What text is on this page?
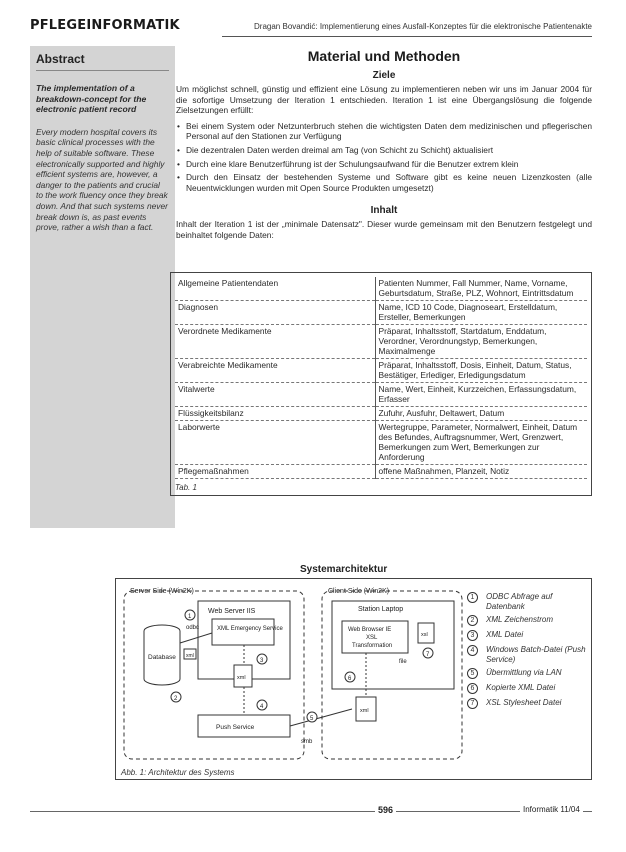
PFLEGEINFORMATIK	Dragan Bovandić: Implementierung eines Ausfall-Konzeptes für die elektronische Patientenakte
Abstract
The implementation of a breakdown-concept for the electronic patient record
Every modern hospital covers its basic clinical processes with the help of suitable software. These electronically supported and highly efficient systems are, however, a danger to the patients and crucial to the work fluency once they break down. And that such systems never break down is, as past events prove, rather a wish than a fact.
Material und Methoden
Ziele
Um möglichst schnell, günstig und effizient eine Lösung zu implementieren neben wir uns im Januar 2004 für die sofortige Umsetzung der Iteration 1 entschieden. Iteration 1 ist eine Übergangslösung die folgende Zielsetzungen erfüllt:
• Bei einem System oder Netzunterbruch stehen die wichtigsten Daten dem medizinischen und pflegerischen Personal auf den Stationen zur Verfügung
• Die dezentralen Daten werden dreimal am Tag (von Schicht zu Schicht) aktualisiert
• Durch eine klare Benutzerführung ist der Schulungsaufwand für die Benutzer extrem klein
• Durch den Einsatz der bestehenden Systeme und Software gibt es keine neuen Lizenzkosten (alle Neuentwicklungen wurden mit Open Source Produkten umgesetzt)
Inhalt
Inhalt der Iteration 1 ist der „minimale Datensatz". Dieser wurde gemeinsam mit den Benutzern festgelegt und beinhaltet folgende Daten:
Allgemeine Patientendaten	Patienten Nummer, Fall Nummer, Name, Vorname, Geburtsdatum, Straße, PLZ, Wohnort, Eintrittsdatum
Diagnosen	Name, ICD 10 Code, Diagnoseart, Erstelldatum, Ersteller, Bemerkungen
Verordnete Medikamente	Präparat, Inhaltsstoff, Startdatum, Enddatum, Verordner, Verordnungstyp, Bemerkungen, Maximalmenge
Verabreichte Medikamente	Präparat, Inhaltsstoff, Dosis, Einheit, Datum, Status, Bestätiger, Erlediger, Erledigungsdatum
Vitalwerte	Name, Wert, Einheit, Kurzzeichen, Erfassungsdatum, Erfasser
Flüssigkeitsbilanz	Zufuhr, Ausfuhr, Deltawert, Datum
Laborwerte	Wertegruppe, Parameter, Normalwert, Einheit, Datum des Befundes, Auftragsnummer, Wert, Grenzwert, Bemerkungen zum Wert, Bemerkungen zur Anforderung
Pflegemaßnahmen	offene Maßnahmen, Planzeit, Notiz
Tab. 1
Systemarchitektur
Server Side (Win2K)
Web Server IIS
XML Emergency Service
Database xml
odbc
xml
Push Service
Client Side (Win2K)
Station Laptop
Web Browser IE
XSL
Transformation
xsl
file
xml
smb
1
2
3
4
5
6
7
1	ODBC Abfrage auf Datenbank
2	XML Zeichenstrom
3	XML Datei
4	Windows Batch-Datei (Push Service)
5	Übermittlung via LAN
6	Kopierte XML Datei
7	XSL Stylesheet Datei
Abb. 1: Architektur des Systems
596	Informatik 11/04
